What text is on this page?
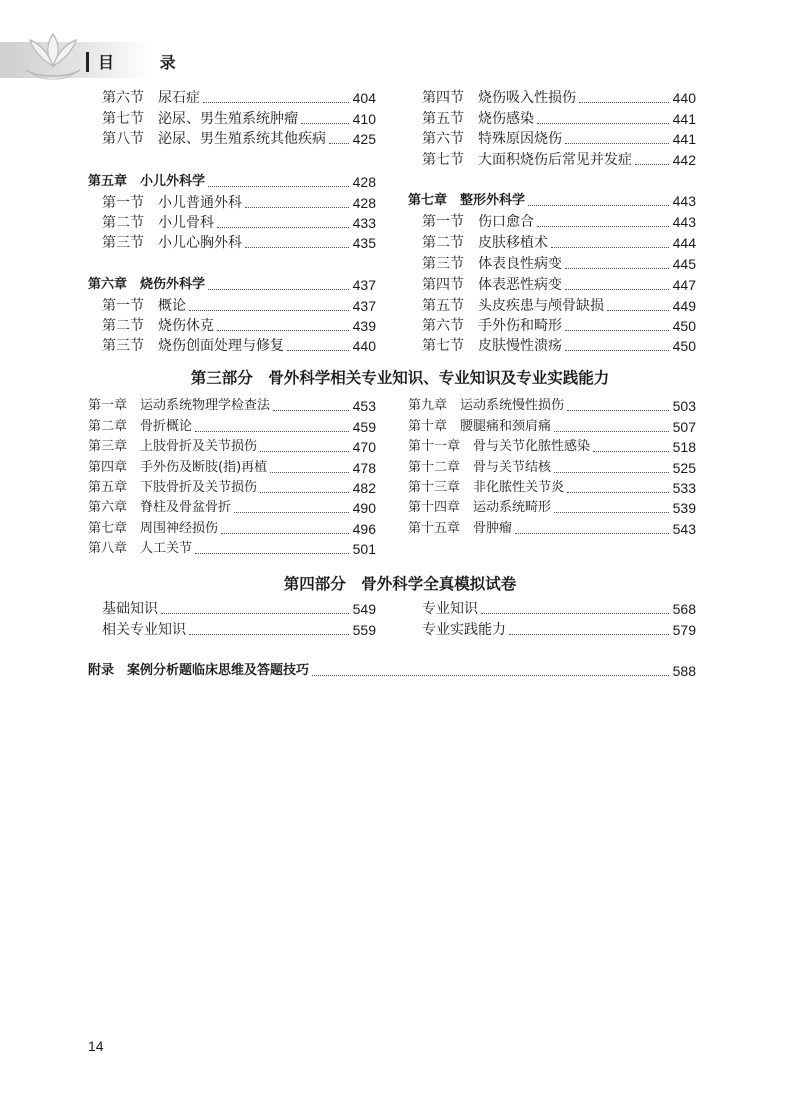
目 录
第六节　尿石症	404
第七节　泌尿、男生殖系统肿瘤	410
第八节　泌尿、男生殖系统其他疾病 425
第五章　小儿外科学	428
第一节　小儿普通外科	428
第二节　小儿骨科	433
第三节　小儿心胸外科	435
第六章　烧伤外科学	437
第一节　概论	437
第二节　烧伤休克	439
第三节　烧伤创面处理与修复	440
第四节　烧伤吸入性损伤	440
第五节　烧伤感染	441
第六节　特殊原因烧伤	441
第七节　大面积烧伤后常见并发症	442
第七章　整形外科学	443
第一节　伤口愈合	443
第二节　皮肤移植术	444
第三节　体表良性病变	445
第四节　体表恶性病变	447
第五节　头皮疾患与颅骨缺损	449
第六节　手外伤和畸形	450
第七节　皮肤慢性溃疡	450
第三部分　骨外科学相关专业知识、专业知识及专业实践能力
第一章　运动系统物理学检查法	453
第二章　骨折概论	459
第三章　上肢骨折及关节损伤	470
第四章　手外伤及断肢(指)再植	478
第五章　下肢骨折及关节损伤	482
第六章　脊柱及骨盆骨折	490
第七章　周围神经损伤	496
第八章　人工关节	501
第九章　运动系统慢性损伤	503
第十章　腰腿痛和颈肩痛	507
第十一章　骨与关节化脓性感染	518
第十二章　骨与关节结核	525
第十三章　非化脓性关节炎	533
第十四章　运动系统畸形	539
第十五章　骨肿瘤	543
第四部分　骨外科学全真模拟试卷
基础知识	549
相关专业知识	559
专业知识	568
专业实践能力	579
附录　案例分析题临床思维及答题技巧	588
14
